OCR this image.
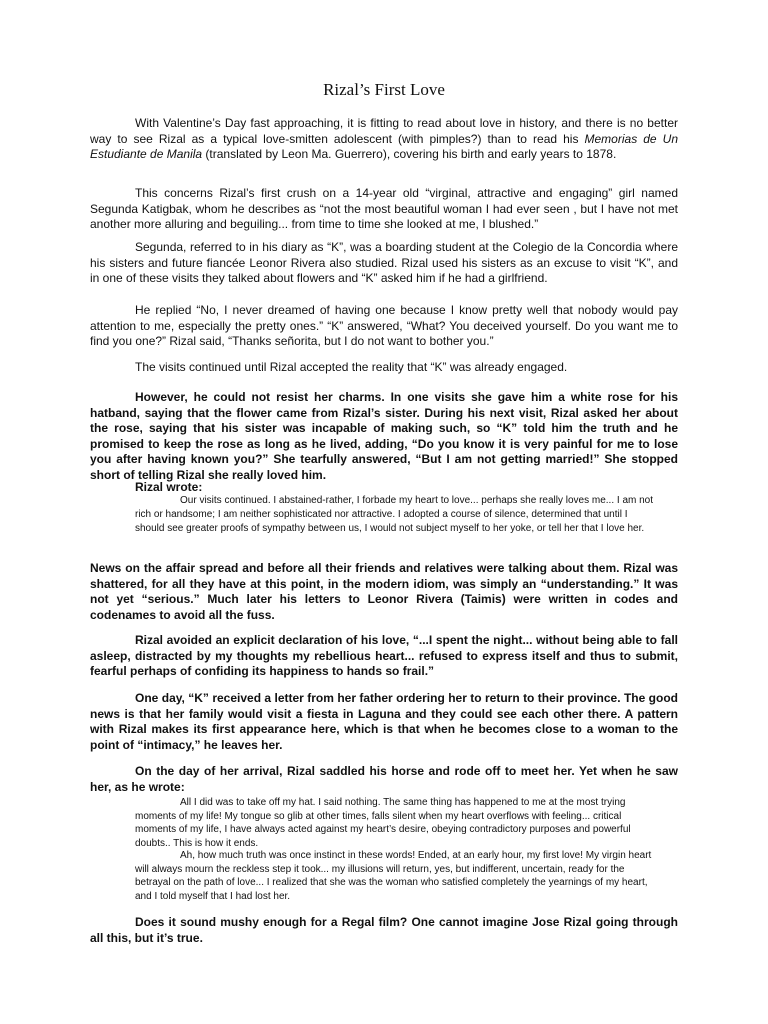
Rizal’s First Love

With Valentine’s Day fast approaching, it is fitting to read about love in history, and there is no better way to see Rizal as a typical love-smitten adolescent (with pimples?) than to read his Memorias de Un Estudiante de Manila (translated by Leon Ma. Guerrero), covering his birth and early years to 1878.

This concerns Rizal’s first crush on a 14-year old “virginal, attractive and engaging” girl named Segunda Katigbak, whom he describes as “not the most beautiful woman I had ever seen , but I have not met another more alluring and beguiling... from time to time she looked at me, I blushed.”

Segunda, referred to in his diary as “K”, was a boarding student at the Colegio de la Concordia where his sisters and future fiancée Leonor Rivera also studied. Rizal used his sisters as an excuse to visit “K”, and in one of these visits they talked about flowers and “K” asked him if he had a girlfriend.

He replied “No, I never dreamed of having one because I know pretty well that nobody would pay attention to me, especially the pretty ones.” “K” answered, “What? You deceived yourself. Do you want me to find you one?” Rizal said, “Thanks señorita, but I do not want to bother you.”

The visits continued until Rizal accepted the reality that “K” was already engaged.

However, he could not resist her charms. In one visits she gave him a white rose for his hatband, saying that the flower came from Rizal’s sister. During his next visit, Rizal asked her about the rose, saying that his sister was incapable of making such, so “K” told him the truth and he promised to keep the rose as long as he lived, adding, “Do you know it is very painful for me to lose you after having known you?” She tearfully answered, “But I am not getting married!” She stopped short of telling Rizal she really loved him.

Rizal wrote:

Our visits continued. I abstained-rather, I forbade my heart to love... perhaps she really loves me... I am not rich or handsome; I am neither sophisticated nor attractive. I adopted a course of silence, determined that until I should see greater proofs of sympathy between us, I would not subject myself to her yoke, or tell her that I love her.

News on the affair spread and before all their friends and relatives were talking about them. Rizal was shattered, for all they have at this point, in the modern idiom, was simply an “understanding.” It was not yet “serious.” Much later his letters to Leonor Rivera (Taimis) were written in codes and codenames to avoid all the fuss.

Rizal avoided an explicit declaration of his love, “...I spent the night... without being able to fall asleep, distracted by my thoughts my rebellious heart... refused to express itself and thus to submit, fearful perhaps of confiding its happiness to hands so frail.”

One day, “K” received a letter from her father ordering her to return to their province. The good news is that her family would visit a fiesta in Laguna and they could see each other there. A pattern with Rizal makes its first appearance here, which is that when he becomes close to a woman to the point of “intimacy,” he leaves her.

On the day of her arrival, Rizal saddled his horse and rode off to meet her. Yet when he saw her, as he wrote:

All I did was to take off my hat. I said nothing. The same thing has happened to me at the most trying moments of my life! My tongue so glib at other times, falls silent when my heart overflows with feeling... critical moments of my life, I have always acted against my heart’s desire, obeying contradictory purposes and powerful doubts.. This is how it ends.

Ah, how much truth was once instinct in these words! Ended, at an early hour, my first love! My virgin heart will always mourn the reckless step it took... my illusions will return, yes, but indifferent, uncertain, ready for the betrayal on the path of love... I realized that she was the woman who satisfied completely the yearnings of my heart, and I told myself that I had lost her.

Does it sound mushy enough for a Regal film? One cannot imagine Jose Rizal going through all this, but it’s true.
